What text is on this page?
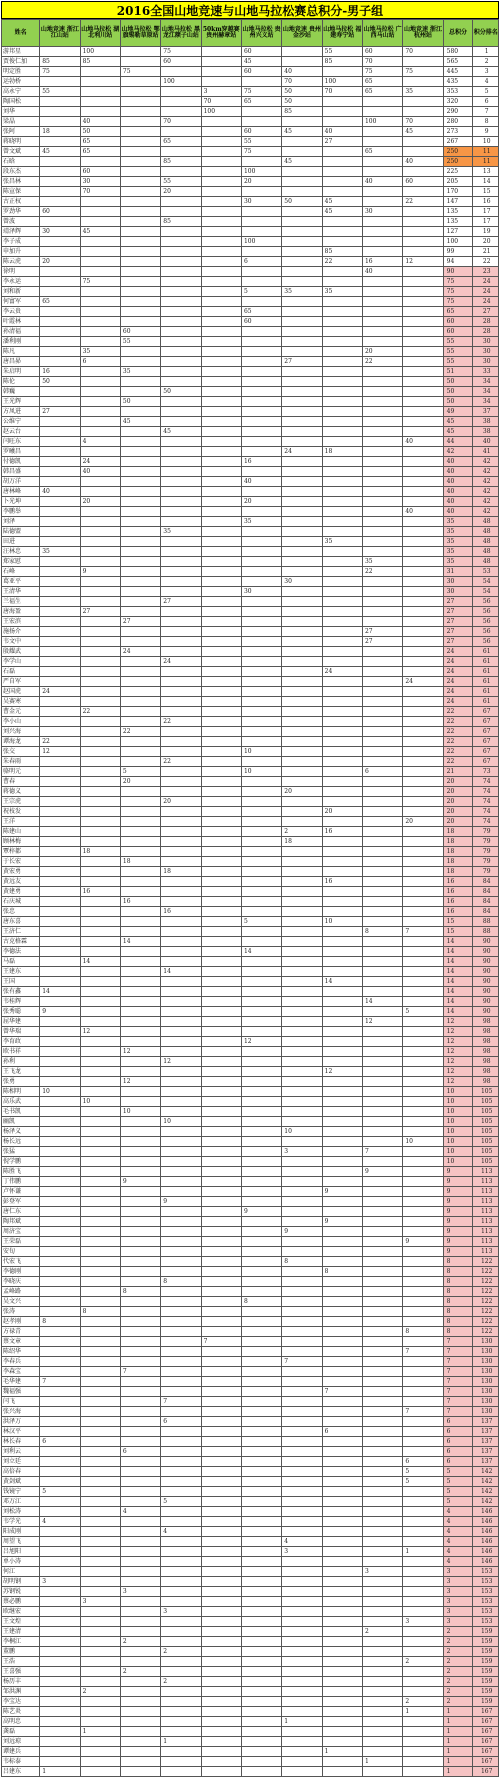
2016全国山地竞速与山地马拉松赛总积分-男子组
姓名	山地竞速 浙江江山站	山地马拉松 湖北利川站	山地马拉松 鄂旗锡勒草原站	山地马拉松 黑龙江额子山站	50km穿越赛 贵州赫章站	山地马拉松 贵州兴义站	山地竞速 贵州金沙站	山地马拉松 福建寿宁站	山地马拉松 广西马山站	山地竞速 浙江杭州站	总积分	积分排名
游邦星		100		75		60		55	60	70	580	1
贾俊仁加	85	85		60		45		85	70		565	2
明定胜	75		75			60	40		75	75	445	3
运勃桥				100			70	100	65		435	4
高永宁	55				3	75	50	70	65	35	353	5
陶国松					70	65	50				320	6
刘华					100		85				290	7
梁晶		40		70					100	70	280	8
张阿	18	50				60	45	40		45	273	9
蒋晓明		65		65		55		27			267	10
曾文斌	45	65				75			65		250	11
石晗				85			45			40	250	11
段东杰		60				100					225	13
张昌林		30		55		20			40	60	205	14
陈宣保		70		20							170	15
古正权						30	50	45		22	147	16
罗劲华	60							45	30		135	17
曾波				85							135	17
靖泽辉	30	45									127	19
李子成						100					100	20
申加升								85			99	21
陈云虎	20					6		22	16	12	94	22
徐明									40		90	23
李永运		75									75	24
刘和新						5	35	35			75	24
何富军	65										75	24
李云贵						65					65	27
叶霞林						60					60	28
孙清福			60								60	28
潘利刚			55								55	30
陈凡		35							20		55	30
唐昌昴		6					27		22		55	30
朱启明	16		35								51	33
陈伦	50										50	34
韩巍				50							50	34
王光辉			50								50	34
方凤进	27										49	37
公维宁			45								45	38
赵云台				45							45	38
闫旺东		4								40	44	40
罗曦昌							24	18			42	41
付德凯		24				16					40	42
韩昌盛		40									40	42
胡万洋						40					40	42
唐林峰	40										40	42
卜光坤		20				20					40	42
李鹏举										40	40	42
刘泽						35					35	48
陆德盟				35							35	48
田进								35			35	48
汪林忠	35										35	48
郑家慰									35		35	48
石峰		9							22		31	53
葛亚平							30				30	54
王清华						30					30	54
兰福生				27							27	56
唐海盈		27									27	56
王宏滨			27								27	56
施扬介									27		27	56
韦文中									27		27	56
殷耀武			24								24	61
李学山				24							24	61
石磊								24			24	61
严自军										24	24	61
赵国虎	24										24	61
吴赛寒											24	61
曹金元		22									22	67
李小山				22							22	67
刘兴海			22								22	67
谭海龙	22										22	67
张交	12					10					22	67
朱春雨				22							22	67
骆明元			5			10			6		21	73
曹春			20								20	74
蒋德义							20				20	74
王宗虎				20							20	74
祝枝发								20			20	74
王洋										20	20	74
陈建山							2	16			18	79
顾林梅							18				18	79
覃梓都		18									18	79
于长宏			18								18	79
黄宏勇				18							18	79
黄远友								16			16	84
黄建勇		16									16	84
石庆城			16								16	84
张忠				16							16	84
唐东喜						5		10			15	88
王济仁									8	7	15	88
古克格霖			14								14	90
李德法						14					14	90
马磊		14									14	90
王建东				14							14	90
王国								14			14	90
张有鑫	14										14	90
韦桂辉									14		14	90
张秀聪	9									5	14	90
屈华建									12		12	98
曾华瑞		12									12	98
李育政						12					12	98
欧书祥			12								12	98
孙利				12							12	98
王飞龙								12			12	98
张勇			12								12	98
陈相明	10										10	105
高乐武		10									10	105
毛书凯			10								10	105
幽凯				10							10	105
杨泽义							10				10	105
杨长远										10	10	105
张猛							3		7		10	105
倪学鹏											10	105
陈胜飞									9		9	113
丁伟鹏			9								9	113
卢怀谦								9			9	113
彭登军				9							9	113
唐仁东						9					9	113
陶邦斌								9			9	113
周济宝							9				9	113
王荣磊										9	9	113
安旬											9	113
代宏飞							8				8	122
李德刚								8			8	122
李晓庆				8							8	122
孟峰路			8								8	122
吴文兴						8					8	122
张涛		8									8	122
赵孝刚	8										8	122
方禄青										8	8	122
蔡文章					7						7	130
陈绍华										7	7	130
李春兵							7				7	130
李森宝			7								7	130
毛华建	7										7	130
魏福强								7			7	130
闫飞				7							7	130
张兴海										7	7	130
洪泽万				6							6	137
林汉平								6			6	137
林长春	6										6	137
刘利云			6								6	137
刘立廷										6	6	137
高倍春										5	5	142
黄剑斌										5	5	142
钱镜宁	5										5	142
邓万江				5							5	142
刘松涛			4								4	146
韦学光	4										4	146
阳成刚				4							4	146
周望飞							4				4	146
吕旭阳							3			1	4	146
单小涛											4	146
何江									3		3	153
胡明钢	3										3	153
苏钢锐			3								3	153
蔡必鹏		3									3	153
欧继宏				3							3	153
王文煌										3	3	153
王建清									2		2	159
李桐江			2								2	159
董鹏				2							2	159
王浩										2	2	159
王喜强			2								2	159
杨历丰				2							2	159
邹洪渊		2									2	159
李宝达										2	2	159
陈艺炎										1	1	167
高明忠							1				1	167
龚磊		1									1	167
刘远琼				1							1	167
谭建兵								1			1	167
韦标泰									1		1	167
吕建东	1										1	167
